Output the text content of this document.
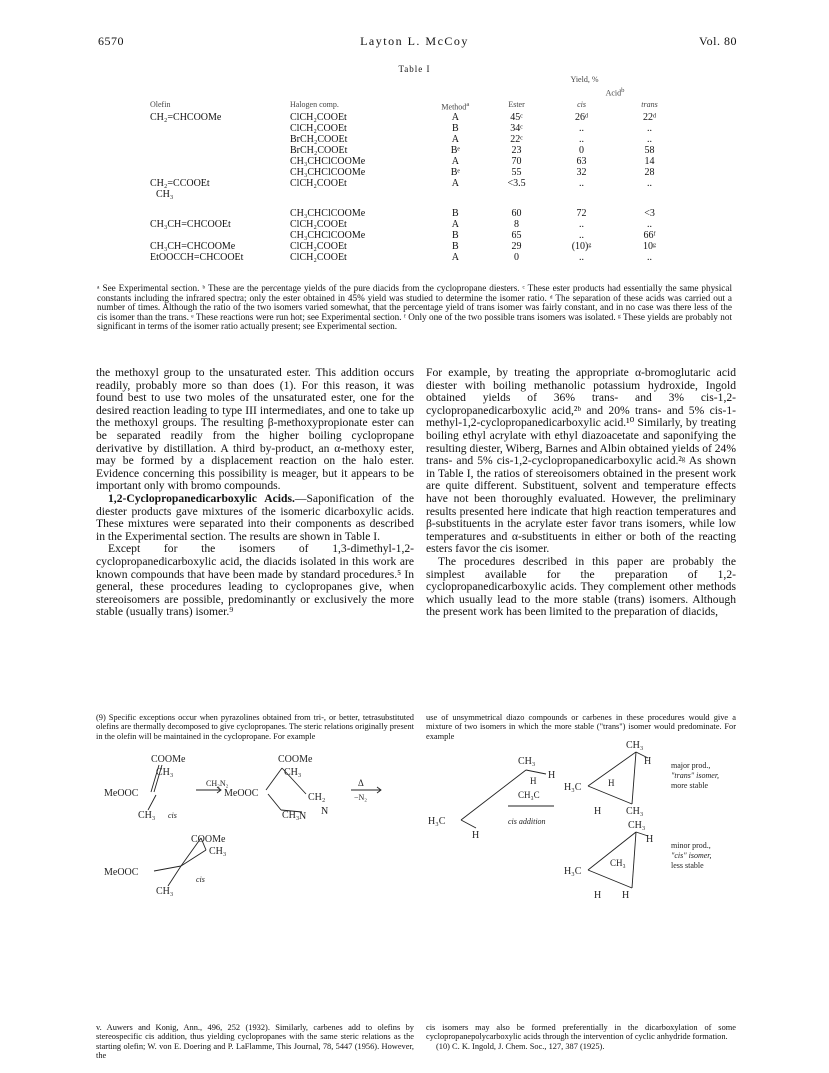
6570	Layton L. McCoy	Vol. 80
Table I
			Yield, %		
				Acid$^b$
Olefin	Halogen comp.	Method$^a$	Ester	cis	trans
CH₂=CHCOOMe	ClCH₂COOEt	A	45ᶜ	26ᵈ	22ᵈ
	ClCH₂COOEt	B	34ᶜ	..	..
	BrCH₂COOEt	A	22ᶜ	..	..
	BrCH₂COOEt	Bᵉ	23	0	58
	CH₃CHClCOOMe	A	70	63	14
	CH₃CHClCOOMe	Bᵉ	55	32	28
CH₂=CCOOEt	ClCH₂COOEt	A	<3.5	..	..
CH₃					
	CH₃CHClCOOMe	B	60	72	<3
CH₃CH=CHCOOEt	ClCH₂COOEt	A	8	..	..
	CH₃CHClCOOMe	B	65	..	66ᶠ
CH₃CH=CHCOOMe	ClCH₂COOEt	B	29	(10)ᵍ	10ᵍ
EtOOCCH=CHCOOEt	ClCH₂COOEt	A	0	..	..
ᵃ See Experimental section. ᵇ These are the percentage yields of the pure diacids from the cyclopropane diesters. ᶜ These ester products had essentially the same physical constants including the infrared spectra; only the ester obtained in 45% yield was studied to determine the isomer ratio. ᵈ The separation of these acids was carried out a number of times. Although the ratio of the two isomers varied somewhat, that the percentage yield of trans isomer was fairly constant, and in no case was there less of the cis isomer than the trans. ᵉ These reactions were run hot; see Experimental section. ᶠ Only one of the two possible trans isomers was isolated. ᵍ These yields are probably not significant in terms of the isomer ratio actually present; see Experimental section.

the methoxyl group to the unsaturated ester. This addition occurs readily, probably more so than does (1). For this reason, it was found best to use two moles of the unsaturated ester, one for the desired reaction leading to type III intermediates, and one to take up the methoxyl groups. The resulting β-methoxypropionate ester can be separated readily from the higher boiling cyclopropane derivative by distillation. A third by-product, an α-methoxy ester, may be formed by a displacement reaction on the halo ester. Evidence concerning this possibility is meager, but it appears to be important only with bromo compounds.

1,2-Cyclopropanedicarboxylic Acids.—Saponification of the diester products gave mixtures of the isomeric dicarboxylic acids. These mixtures were separated into their components as described in the Experimental section. The results are shown in Table I.

Except for the isomers of 1,3-dimethyl-1,2-cyclopropanedicarboxylic acid, the diacids isolated in this work are known compounds that have been made by standard procedures.⁵ In general, these procedures leading to cyclopropanes give, when stereoisomers are possible, predominantly or exclusively the more stable (usually trans) isomer.⁹

For example, by treating the appropriate α-bromoglutaric acid diester with boiling methanolic potassium hydroxide, Ingold obtained yields of 36% trans- and 3% cis-1,2-cyclopropanedicarboxylic acid,²ᵇ and 20% trans- and 5% cis-1-methyl-1,2-cyclopropanedicarboxylic acid.¹⁰ Similarly, by treating boiling ethyl acrylate with ethyl diazoacetate and saponifying the resulting diester, Wiberg, Barnes and Albin obtained yields of 24% trans- and 5% cis-1,2-cyclopropanedicarboxylic acid.²ᵍ As shown in Table I, the ratios of stereoisomers obtained in the present work are quite different. Substituent, solvent and temperature effects have not been thoroughly evaluated. However, the preliminary results presented here indicate that high reaction temperatures and β-substituents in the acrylate ester favor trans isomers, while low temperatures and α-substituents in either or both of the reacting esters favor the cis isomer.

The procedures described in this paper are probably the simplest available for the preparation of 1,2-cyclopropanedicarboxylic acids. They complement other methods which usually lead to the more stable (trans) isomers. Although the present work has been limited to the preparation of diacids,

(9) Specific exceptions occur when pyrazolines obtained from tri-, or better, tetrasubstituted olefins are thermally decomposed to give cyclopropanes. The steric relations originally present in the olefin will be maintained in the cyclopropane. For example
use of unsymmetrical diazo compounds or carbenes in these procedures would give a mixture of two isomers in which the more stable ("trans") isomer would predominate. For example
COOMe
CH₃
MeOOC
CH₃ cis
CH₂N₂
MeOOC
COOMe
CH₃
CH₃
CH₂
N
N
Δ
−N₂
COOMe
CH₃
MeOOC
CH₃
cis
CH₃
H
H₃C
H
CH₃C
H
cis addition
CH₃
H
H₃C	H
H CH₃
major prod.,
"trans" isomer,
more stable
CH₃
H
H₃C
CH₃
H H
minor prod.,
"cis" isomer,
less stable
v. Auwers and Konig, Ann., 496, 252 (1932). Similarly, carbenes add to olefins by stereospecific cis addition, thus yielding cyclopropanes with the same steric relations as the starting olefin; W. von E. Doering and P. LaFlamme, This Journal, 78, 5447 (1956). However, the
cis isomers may also be formed preferentially in the dicarboxylation of some cyclopropanepolycarboxylic acids through the intervention of cyclic anhydride formation.
(10) C. K. Ingold, J. Chem. Soc., 127, 387 (1925).
